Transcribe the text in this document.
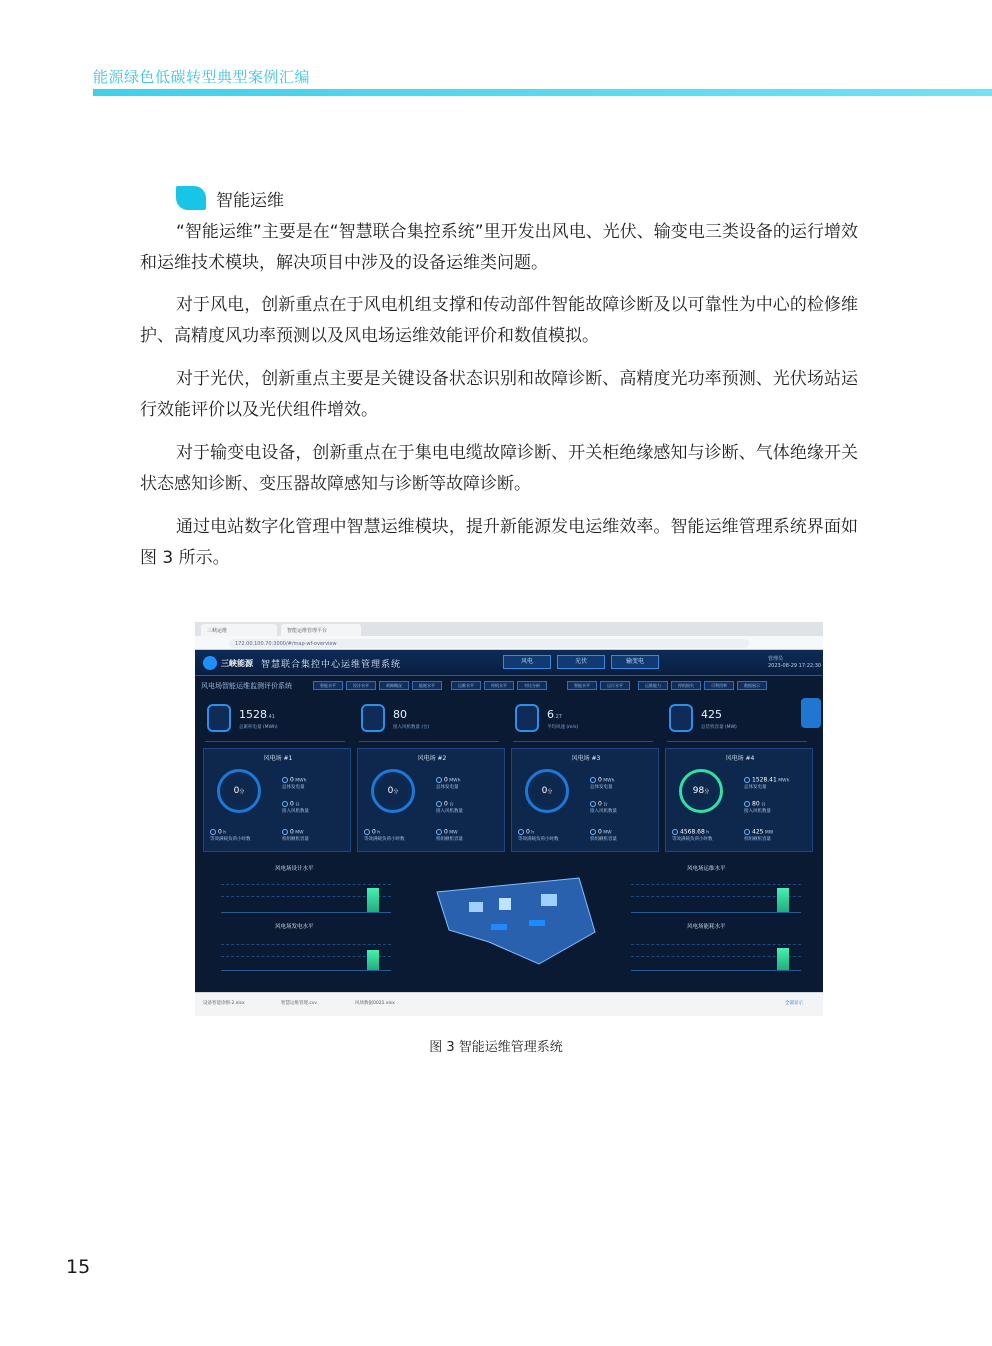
能源绿色低碳转型典型案例汇编
智能运维

“智能运维”主要是在“智慧联合集控系统”里开发出风电、光伏、输变电三类设备的运行增效和运维技术模块，解决项目中涉及的设备运维类问题。

对于风电，创新重点在于风电机组支撑和传动部件智能故障诊断及以可靠性为中心的检修维护、高精度风功率预测以及风电场运维效能评价和数值模拟。

对于光伏，创新重点主要是关键设备状态识别和故障诊断、高精度光功率预测、光伏场站运行效能评价以及光伏组件增效。

对于输变电设备，创新重点在于集电电缆故障诊断、开关柜绝缘感知与诊断、气体绝缘开关状态感知诊断、变压器故障感知与诊断等故障诊断。

通过电站数字化管理中智慧运维模块，提升新能源发电运维效率。智能运维管理系统界面如图 3 所示。

三峡运维	智能运维管理平台
172.00.100.70:3000/#/map-wf-overview
三峡能源 智慧联合集控中心运维管理系统	风电	光伏	输变电	管理员
2023-08-29 17:22:30
风电场智能运维监测评价系统	智能水平	设计水平	故障概况	能耗水平	运维水平	停机水平	对比分析	智能水平	运行水平	运维能力	停机损失	可利用率	数据展示
1528.41
总累积电量 (MWh)
80
接入风机数量 (台)
6.27
平均风速 (m/s)
425
总装机容量 (MW)
风电场 #1
0分
0 MWh
总体发电量
0 台
接入风机数量
0 h
等效满载负荷小时数
0 MW
机组额机容量
风电场 #2
0分
0 MWh
总体发电量
0 台
接入风机数量
0 h
等效满载负荷小时数
0 MW
机组额机容量
风电场 #3
0分
0 MWh
总体发电量
0 台
接入风机数量
0 h
等效满载负荷小时数
0 MW
机组额机容量
风电场 #4
98分
1528.41 MWh
总体发电量
80 台
接入风机数量
4568.68 h
等效满载负荷小时数
425 MW
机组额机容量
风电场设计水平
风电场发电水平
风电场运维水平
风电场能耗水平
设备智能诊断·2.xlsx	智慧运维管理.csv	风场数据0021.xlsx	全部显示
图 3 智能运维管理系统
15
